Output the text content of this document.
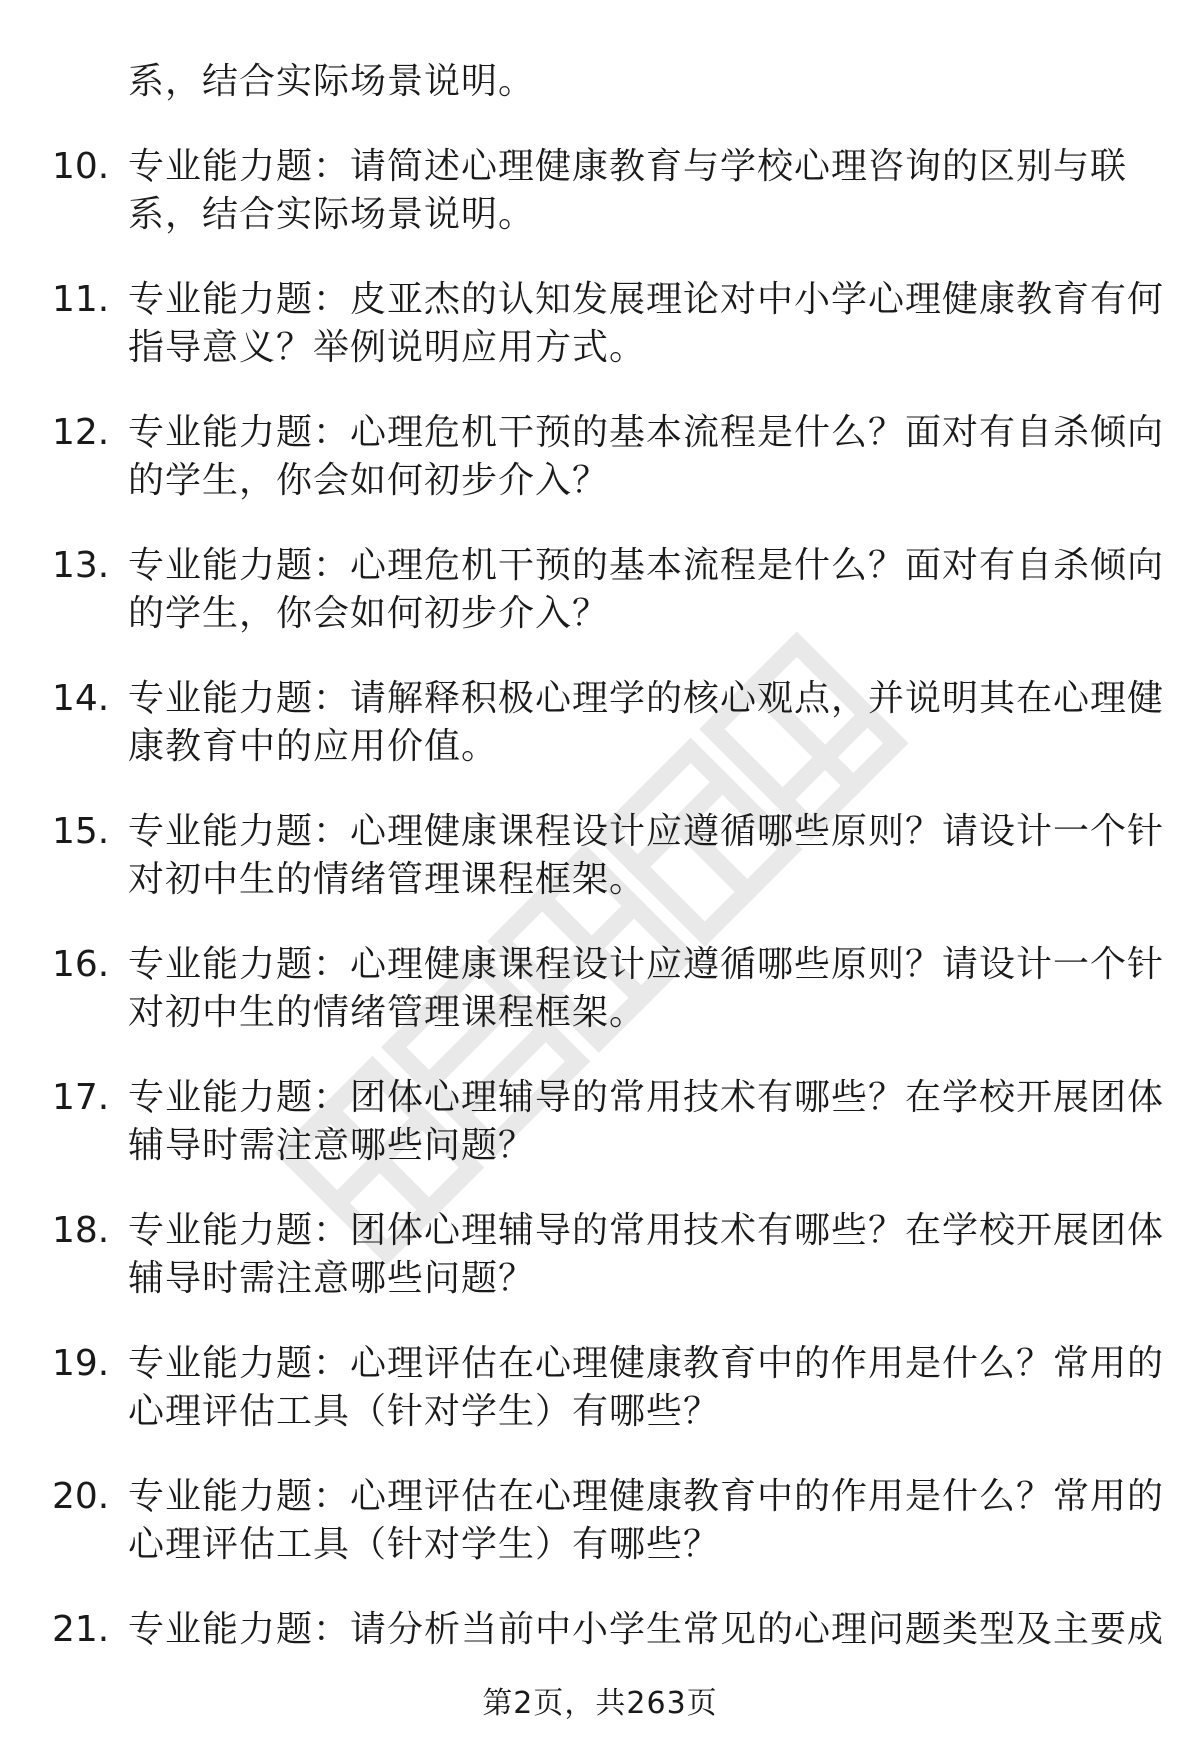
系，结合实际场景说明。
10. 专业能力题：请简述心理健康教育与学校心理咨询的区别与联
系，结合实际场景说明。
11. 专业能力题：皮亚杰的认知发展理论对中小学心理健康教育有何
指导意义？举例说明应用方式。
12. 专业能力题：心理危机干预的基本流程是什么？面对有自杀倾向
的学生，你会如何初步介入？
13. 专业能力题：心理危机干预的基本流程是什么？面对有自杀倾向
的学生，你会如何初步介入？
14. 专业能力题：请解释积极心理学的核心观点，并说明其在心理健
康教育中的应用价值。
15. 专业能力题：心理健康课程设计应遵循哪些原则？请设计一个针
对初中生的情绪管理课程框架。
16. 专业能力题：心理健康课程设计应遵循哪些原则？请设计一个针
对初中生的情绪管理课程框架。
17. 专业能力题：团体心理辅导的常用技术有哪些？在学校开展团体
辅导时需注意哪些问题？
18. 专业能力题：团体心理辅导的常用技术有哪些？在学校开展团体
辅导时需注意哪些问题？
19. 专业能力题：心理评估在心理健康教育中的作用是什么？常用的
心理评估工具（针对学生）有哪些？
20. 专业能力题：心理评估在心理健康教育中的作用是什么？常用的
心理评估工具（针对学生）有哪些？
21. 专业能力题：请分析当前中小学生常见的心理问题类型及主要成
第2页，共263页
